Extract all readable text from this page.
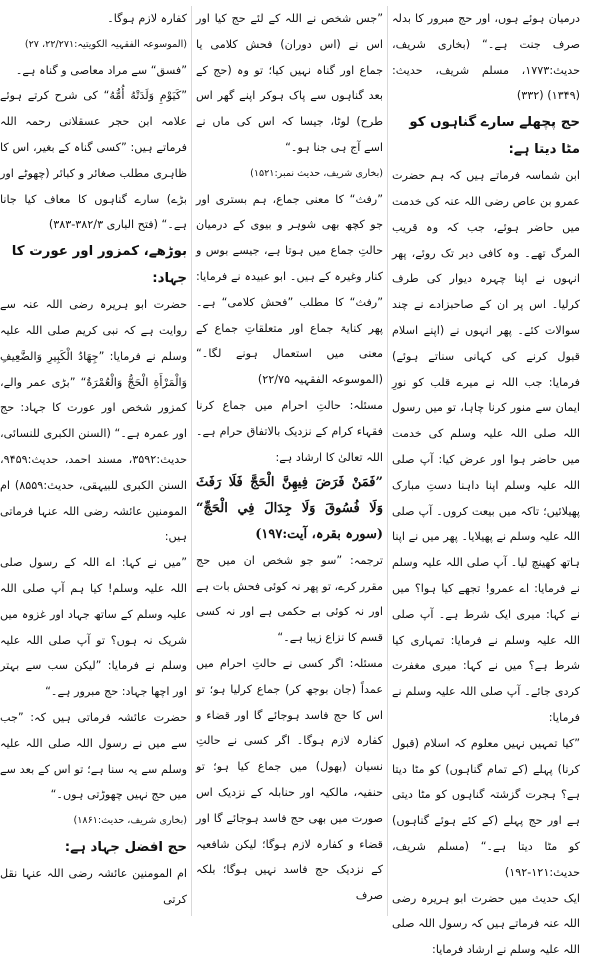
درمیان ہوئے ہوں، اور حج مبرور کا بدلہ صرف جنت ہے۔“ (بخاری شریف، حدیث:۱۷۷۳، مسلم شریف، حدیث: (۱۳۴۹) (۳۳۲)

حج پچھلے سارے گناہوں کو مٹا دیتا ہے:

ابن شماسہ فرماتے ہیں کہ ہم حضرت عمرو بن عاص رضی اللہ عنہ کی خدمت میں حاضر ہوئے، جب کہ وہ قریب المرگ تھے۔ وہ کافی دیر تک روئے، پھر انہوں نے اپنا چہرہ دیوار کی طرف کرلیا۔ اس پر ان کے صاحبزادے نے چند سوالات کئے۔ پھر انہوں نے (اپنے اسلام قبول کرنے کی کہانی سناتے ہوئے) فرمایا: جب اللہ نے میرے قلب کو نورِ ایمان سے منور کرنا چاہا، تو میں رسول اللہ صلی اللہ علیہ وسلم کی خدمت میں حاضر ہوا اور عرض کیا: آپ صلی اللہ علیہ وسلم اپنا داہنا دستِ مبارک پھیلائیں؛ تاکہ میں بیعت کروں۔ آپ صلی اللہ علیہ وسلم نے پھیلایا۔ پھر میں نے اپنا ہاتھ کھینچ لیا۔ آپ صلی اللہ علیہ وسلم نے فرمایا: اے عمرو! تجھے کیا ہوا؟ میں نے کہا: میری ایک شرط ہے۔ آپ صلی اللہ علیہ وسلم نے فرمایا: تمہاری کیا شرط ہے؟ میں نے کہا: میری مغفرت کردی جائے۔ آپ صلی اللہ علیہ وسلم نے فرمایا:

”کیا تمہیں نہیں معلوم کہ اسلام (قبول کرنا) پہلے (کے تمام گناہوں) کو مٹا دیتا ہے؟ ہجرت گزشتہ گناہوں کو مٹا دیتی ہے اور حج پہلے (کے کئے ہوئے گناہوں) کو مٹا دیتا ہے۔“ (مسلم شریف، حدیث:۱۲۱-۱۹۲)

ایک حدیث میں حضرت ابو ہریرہ رضی اللہ عنہ فرماتے ہیں کہ رسول اللہ صلی اللہ علیہ وسلم نے ارشاد فرمایا:

”جس شخص نے اللہ کے لئے حج کیا اور اس نے (اس دوران) فحش کلامی یا جماع اور گناہ نہیں کیا؛ تو وہ (حج کے بعد گناہوں سے پاک ہوکر اپنے گھر اس طرح) لوٹا، جیسا کہ اس کی ماں نے اسے آج ہی جنا ہو۔“

(بخاری شریف، حدیث نمبر:۱۵۲۱)

”رفث“ کا معنی جماع، ہم بستری اور جو کچھ بھی شوہر و بیوی کے درمیان حالتِ جماع میں ہوتا ہے، جیسے بوس و کنار وغیرہ کے ہیں۔ ابو عبیدہ نے فرمایا: ”رفث“ کا مطلب ”فحش کلامی“ ہے۔ پھر کنایۃ جماع اور متعلقاتِ جماع کے معنی میں استعمال ہونے لگا۔“ (الموسوعہ الفقہیہ ۲۲/۷۵)

مسئلہ: حالتِ احرام میں جماع کرنا فقہاء کرام کے نزدیک بالاتفاق حرام ہے۔ اللہ تعالیٰ کا ارشاد ہے:

”فَمَنْ فَرَضَ فِيهِنَّ الْحَجَّ فَلَا رَفَثَ وَلَا فُسُوقَ وَلَا جِدَالَ فِي الْحَجِّ“ (سورہ بقرہ، آیت:۱۹۷)

ترجمہ: ”سو جو شخص ان میں حج مقرر کرے، تو پھر نہ کوئی فحش بات ہے اور نہ کوئی بے حکمی ہے اور نہ کسی قسم کا نزاع زیبا ہے۔“

مسئلہ: اگر کسی نے حالتِ احرام میں عمداً (جان بوجھ کر) جماع کرلیا ہو؛ تو اس کا حج فاسد ہوجائے گا اور قضاء و کفارہ لازم ہوگا۔ اگر کسی نے حالتِ نسیان (بھول) میں جماع کیا ہو؛ تو حنفیہ، مالکیہ اور حنابلہ کے نزدیک اس صورت میں بھی حج فاسد ہوجائے گا اور قضاء و کفارہ لازم ہوگا؛ لیکن شافعیہ کے نزدیک حج فاسد نہیں ہوگا؛ بلکہ صرف

کفارہ لازم ہوگا۔

(الموسوعہ الفقہیہ الکویتیہ:۲۲/۲۷۱، ۲۷)

”فسق“ سے مراد معاصی و گناہ ہے۔

”كَيَوْمِ وَلَدَتْهُ أُمُّهُ“ کی شرح کرتے ہوئے علامہ ابن حجر عسقلانی رحمہ اللہ فرماتے ہیں: ”کسی گناہ کے بغیر، اس کا ظاہری مطلب صغائر و کبائر (چھوٹے اور بڑے) سارے گناہوں کا معاف کیا جانا ہے۔“ (فتح الباری ۳۸۲/۳-۳۸۳)

بوڑھے، کمزور اور عورت کا جہاد:

حضرت ابو ہریرہ رضی اللہ عنہ سے روایت ہے کہ نبی کریم صلی اللہ علیہ وسلم نے فرمایا: ”جِهَادُ الْكَبِيرِ وَالضَّعِيفِ وَالْمَرْأَةِ الْحَجُّ وَالْعُمْرَةُ“ ”بڑی عمر والے، کمزور شخص اور عورت کا جہاد: حج اور عمرہ ہے۔“ (السنن الکبری للنسائی، حدیث:۳۵۹۲، مسند احمد، حدیث:۹۴۵۹، السنن الکبری للبیہقی، حدیث:۸۵۵۹) ام المومنین عائشہ رضی اللہ عنہا فرماتی ہیں:

”میں نے کہا: اے اللہ کے رسول صلی اللہ علیہ وسلم! کیا ہم آپ صلی اللہ علیہ وسلم کے ساتھ جہاد اور غزوہ میں شریک نہ ہوں؟ تو آپ صلی اللہ علیہ وسلم نے فرمایا: ”لیکن سب سے بہتر اور اچھا جہاد: حج مبرور ہے۔“

حضرت عائشہ فرماتی ہیں کہ: ”جب سے میں نے رسول اللہ صلی اللہ علیہ وسلم سے یہ سنا ہے؛ تو اس کے بعد سے میں حج نہیں چھوڑتی ہوں۔“

(بخاری شریف، حدیث:۱۸۶۱)

حج افضل جہاد ہے:

ام المومنین عائشہ رضی اللہ عنہا نقل کرتی
